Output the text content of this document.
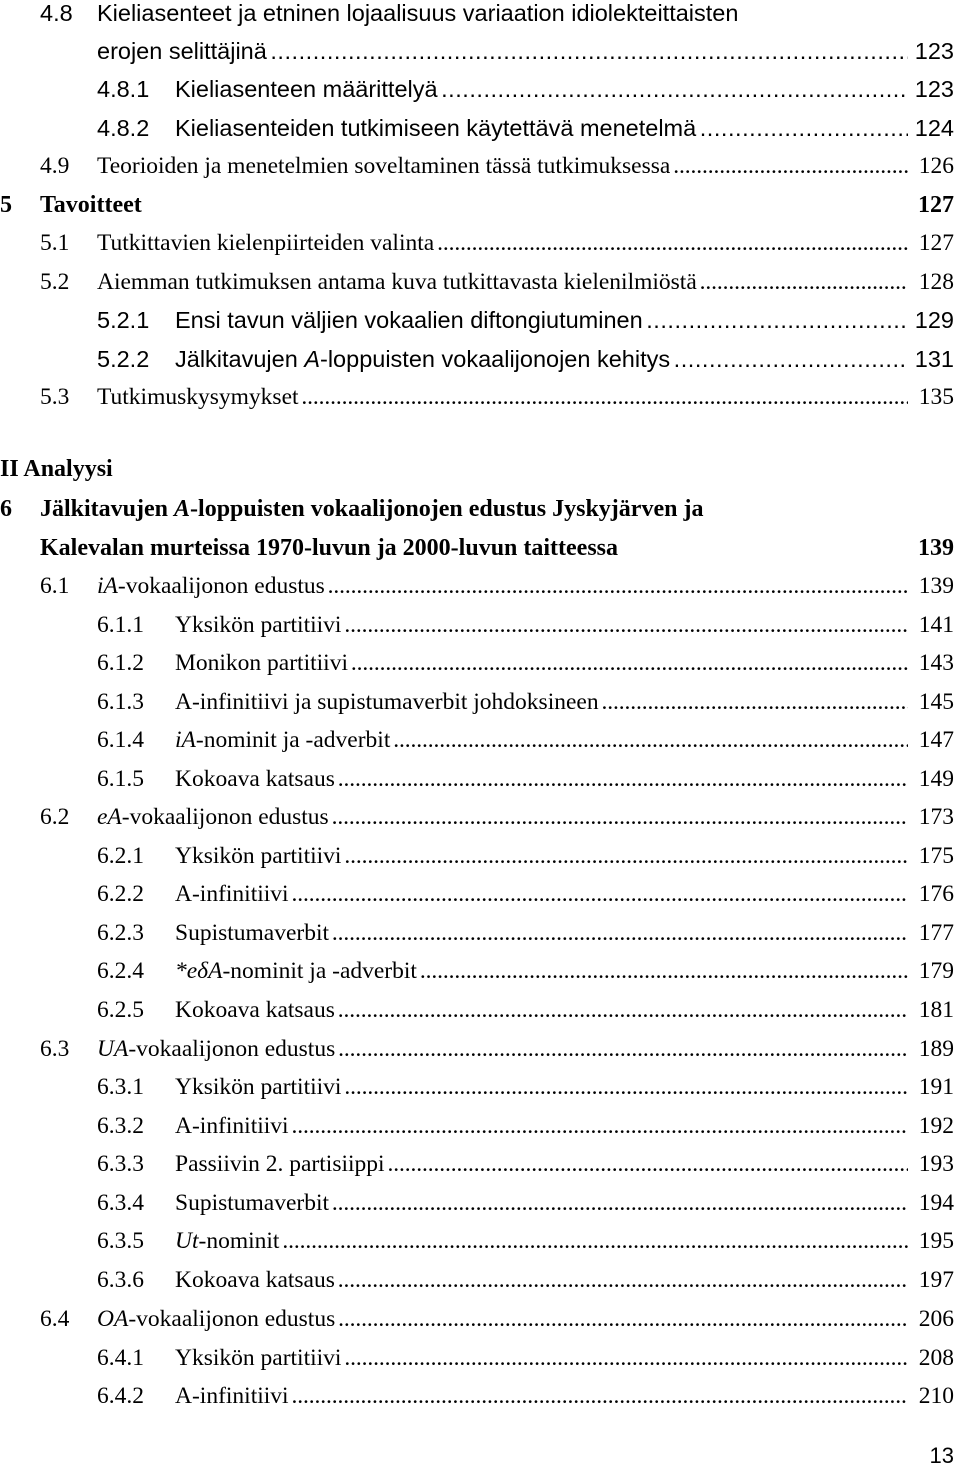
4.8 Kieliasenteet ja etninen lojaalisuus variaation idiolekteittaisten
erojen selittäjinä . . .	123
4.8.1 Kieliasenteen määrittelyä . . .	123
4.8.2 Kieliasenteiden tutkimiseen käytettävä menetelmä . . .	124
4.9 Teorioiden ja menetelmien soveltaminen tässä tutkimuksessa . . .	126
5 Tavoitteet	127
5.1 Tutkittavien kielenpiirteiden valinta . . .	127
5.2 Aiemman tutkimuksen antama kuva tutkittavasta kielenilmiöstä . . .	128
5.2.1 Ensi tavun väljien vokaalien diftongiutuminen . . .	129
5.2.2 Jälkitavujen A-loppuisten vokaalijonojen kehitys . . .	131
5.3 Tutkimuskysymykset . . .	135
II Analyysi
6 Jälkitavujen A-loppuisten vokaalijonojen edustus Jyskyjärven ja
Kalevalan murteissa 1970-luvun ja 2000-luvun taitteessa	139
6.1 iA-vokaalijonon edustus . . .	139
6.1.1 Yksikön partitiivi . . .	141
6.1.2 Monikon partitiivi . . .	143
6.1.3 A-infinitiivi ja supistumaverbit johdoksineen . . .	145
6.1.4 iA-nominit ja -adverbit . . .	147
6.1.5 Kokoava katsaus . . .	149
6.2 eA-vokaalijonon edustus . . .	173
6.2.1 Yksikön partitiivi . . .	175
6.2.2 A-infinitiivi . . .	176
6.2.3 Supistumaverbit . . .	177
6.2.4 *eδA-nominit ja -adverbit . . .	179
6.2.5 Kokoava katsaus . . .	181
6.3 UA-vokaalijonon edustus . . .	189
6.3.1 Yksikön partitiivi . . .	191
6.3.2 A-infinitiivi . . .	192
6.3.3 Passiivin 2. partisiippi . . .	193
6.3.4 Supistumaverbit . . .	194
6.3.5 Ut-nominit . . .	195
6.3.6 Kokoava katsaus . . .	197
6.4 OA-vokaalijonon edustus . . .	206
6.4.1 Yksikön partitiivi . . .	208
6.4.2 A-infinitiivi . . .	210
13
